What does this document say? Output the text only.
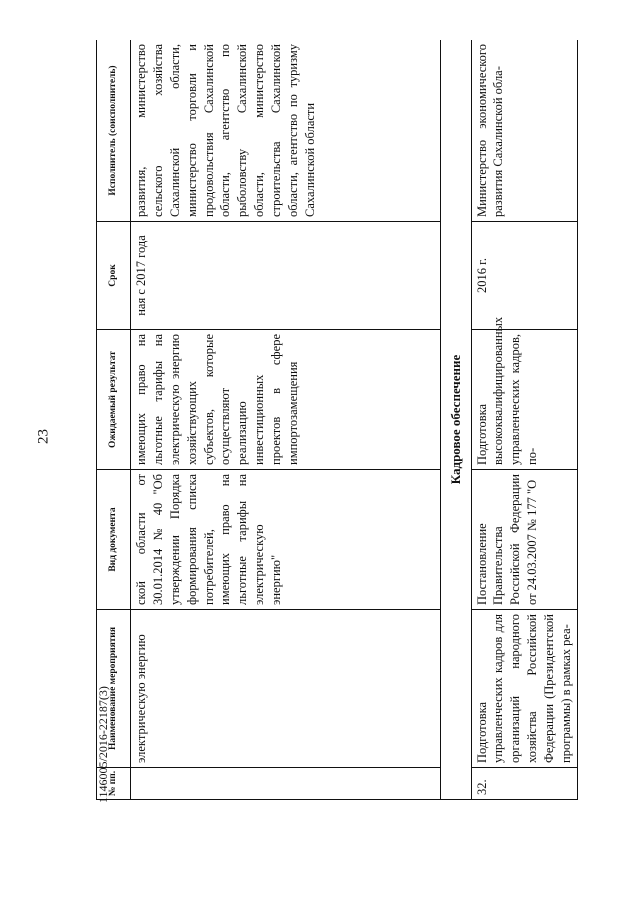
23
1146005/2016-22187(3)
№ пп.	Наименование мероприятия	Вид документа	Ожидаемый результат	Срок	Исполнитель (соисполнитель)
	электрическую энергию	ской области от 30.01.2014 № 40 "Об утверждении Порядка формирования списка потребителей, имеющих право на льготные тарифы на электрическую энергию"	имеющих право на льготные тарифы на электрическую энергию хозяйствующих субъектов, которые осуществляют реализацию инвестиционных проектов в сфере импортозамещения	ная с 2017 года	развития, министерство сельского хозяйства Сахалинской области, министерство торговли и продовольствия Сахалинской области, агентство по рыболовству Сахалинской области, министерство строительства Сахалинской области, агентство по туризму Сахалинской области
Кадровое обеспечение					
32.	Подготовка управленческих кадров для организаций народного хозяйства Российской Федерации (Президентской программы) в рамках реа-	Постановление Правительства Российской Федерации от 24.03.2007 № 177 "О	Подготовка высококвалифицированных управленческих кадров, по-	2016 г.	Министерство экономического развития Сахалинской обла-
